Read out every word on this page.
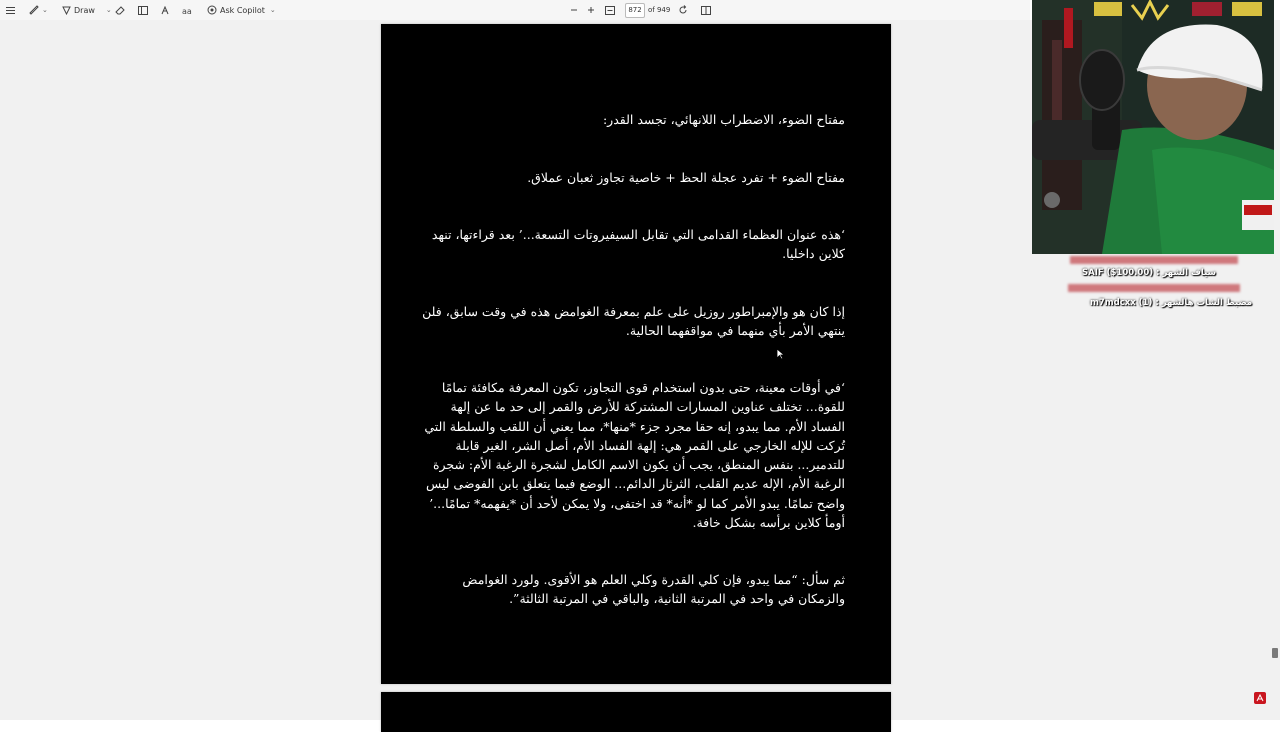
⌄	Draw ⌄	aa	Ask Copilot ⌄	872 of 949
مفتاح الضوء، الاضطراب اللانهائي، تجسد القدر:
مفتاح الضوء + تفرد عجلة الحظ + خاصية تجاوز ثعبان عملاق.
‘هذه عنوان العظماء القدامى التي تقابل السيفيروتات التسعة...’ بعد قراءتها، تنهد كلاين داخليا.
إذا كان هو والإمبراطور روزيل على علم بمعرفة الغوامض هذه في وقت سابق، فلن ينتهي الأمر بأي منهما في مواقفهما الحالية.
‘في أوقات معينة، حتى بدون استخدام قوى التجاوز، تكون المعرفة مكافئة تمامًا للقوة... تختلف عناوين المسارات المشتركة للأرض والقمر إلى حد ما عن إلهة الفساد الأم. مما يبدو، إنه حقا مجرد جزء *منها*، مما يعني أن اللقب والسلطة التي تُركت للإله الخارجي على القمر هي: إلهة الفساد الأم، أصل الشر، الغير قابلة للتدمير... بنفس المنطق، يجب أن يكون الاسم الكامل لشجرة الرغبة الأم: شجرة الرغبة الأم، الإله عديم القلب، الثرثار الدائم... الوضع فيما يتعلق بابن الفوضى ليس واضح تمامًا. يبدو الأمر كما لو *أنه* قد اختفى، ولا يمكن لأحد أن *يفهمه* تمامًا...’ أومأ كلاين برأسه بشكل خافة.
ثم سأل: “مما يبدو، فإن كلي القدرة وكلي العلم هو الأقوى. ولورد الغوامض والزمكان في واحد في المرتبة الثانية، والباقي في المرتبة الثالثة”.
SAIF ($100.00) : سياف الشهر
m7mdcxx (1) : مضبط الشات هالشهر
